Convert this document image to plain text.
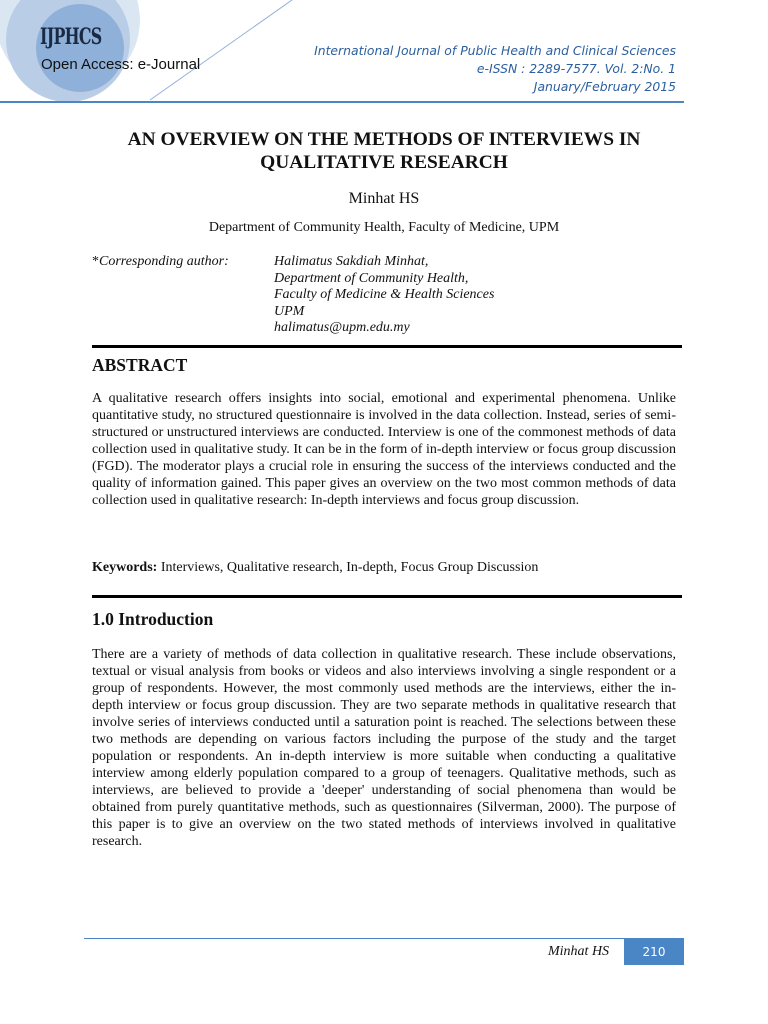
IJPHCS
Open Access: e-Journal
International Journal of Public Health and Clinical Sciences
e-ISSN : 2289-7577. Vol. 2:No. 1
January/February 2015
AN OVERVIEW ON THE METHODS OF INTERVIEWS IN
QUALITATIVE RESEARCH
Minhat HS
Department of Community Health, Faculty of Medicine, UPM
*Corresponding author:	Halimatus Sakdiah Minhat,
Department of Community Health,
Faculty of Medicine & Health Sciences
UPM
halimatus@upm.edu.my
ABSTRACT
A qualitative research offers insights into social, emotional and experimental phenomena. Unlike quantitative study, no structured questionnaire is involved in the data collection. Instead, series of semi-structured or unstructured interviews are conducted. Interview is one of the commonest methods of data collection used in qualitative study. It can be in the form of in-depth interview or focus group discussion (FGD). The moderator plays a crucial role in ensuring the success of the interviews conducted and the quality of information gained. This paper gives an overview on the two most common methods of data collection used in qualitative research: In-depth interviews and focus group discussion.
Keywords: Interviews, Qualitative research, In-depth, Focus Group Discussion
1.0 Introduction
There are a variety of methods of data collection in qualitative research. These include observations, textual or visual analysis from books or videos and also interviews involving a single respondent or a group of respondents. However, the most commonly used methods are the interviews, either the in-depth interview or focus group discussion. They are two separate methods in qualitative research that involve series of interviews conducted until a saturation point is reached. The selections between these two methods are depending on various factors including the purpose of the study and the target population or respondents. An in-depth interview is more suitable when conducting a qualitative interview among elderly population compared to a group of teenagers. Qualitative methods, such as interviews, are believed to provide a 'deeper' understanding of social phenomena than would be obtained from purely quantitative methods, such as questionnaires (Silverman, 2000). The purpose of this paper is to give an overview on the two stated methods of interviews involved in qualitative research.
Minhat HS	210
